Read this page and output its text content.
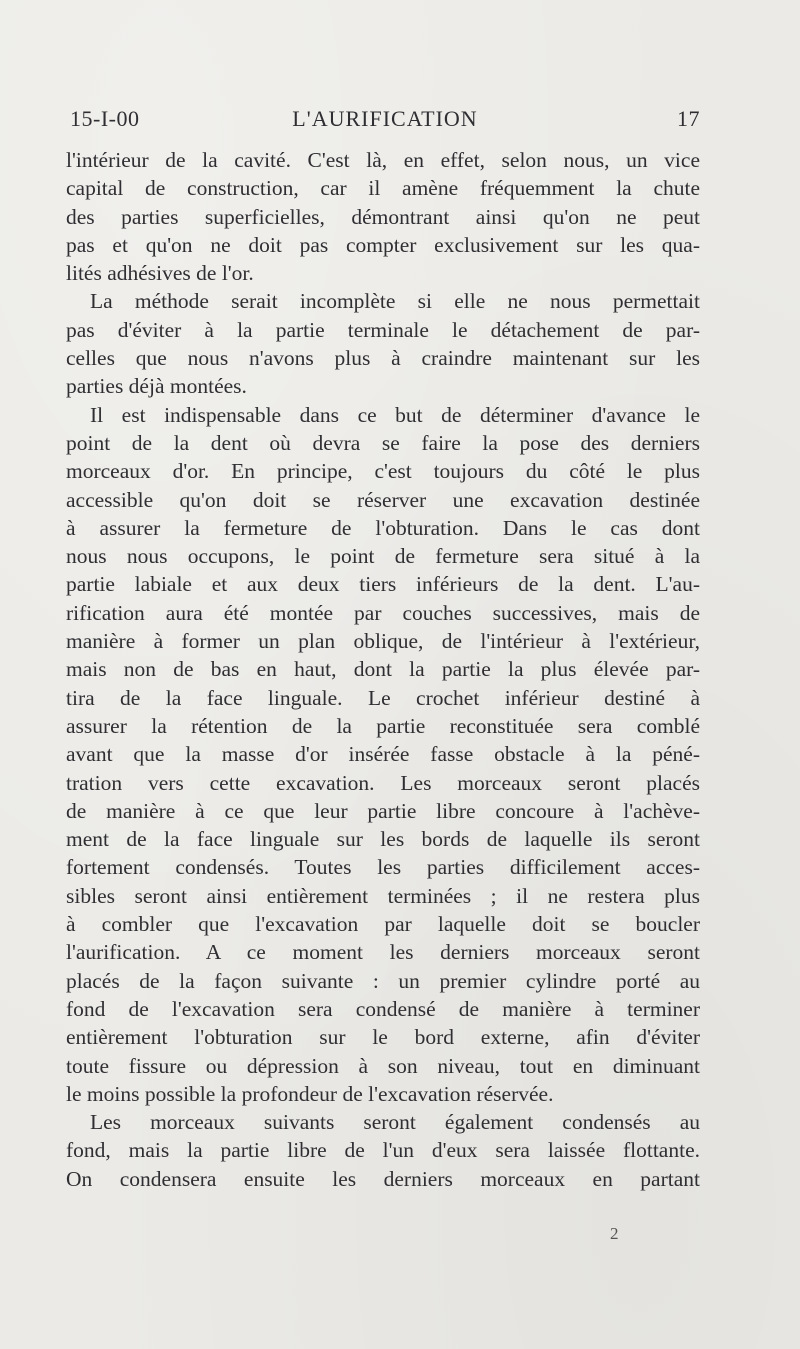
15-I-00	L'AURIFICATION	17
l'intérieur de la cavité. C'est là, en effet, selon nous, un vice
capital de construction, car il amène fréquemment la chute
des parties superficielles, démontrant ainsi qu'on ne peut
pas et qu'on ne doit pas compter exclusivement sur les qua-
lités adhésives de l'or.
La méthode serait incomplète si elle ne nous permettait
pas d'éviter à la partie terminale le détachement de par-
celles que nous n'avons plus à craindre maintenant sur les
parties déjà montées.
Il est indispensable dans ce but de déterminer d'avance le
point de la dent où devra se faire la pose des derniers
morceaux d'or. En principe, c'est toujours du côté le plus
accessible qu'on doit se réserver une excavation destinée
à assurer la fermeture de l'obturation. Dans le cas dont
nous nous occupons, le point de fermeture sera situé à la
partie labiale et aux deux tiers inférieurs de la dent. L'au-
rification aura été montée par couches successives, mais de
manière à former un plan oblique, de l'intérieur à l'extérieur,
mais non de bas en haut, dont la partie la plus élevée par-
tira de la face linguale. Le crochet inférieur destiné à
assurer la rétention de la partie reconstituée sera comblé
avant que la masse d'or insérée fasse obstacle à la péné-
tration vers cette excavation. Les morceaux seront placés
de manière à ce que leur partie libre concoure à l'achève-
ment de la face linguale sur les bords de laquelle ils seront
fortement condensés. Toutes les parties difficilement acces-
sibles seront ainsi entièrement terminées ; il ne restera plus
à combler que l'excavation par laquelle doit se boucler
l'aurification. A ce moment les derniers morceaux seront
placés de la façon suivante : un premier cylindre porté au
fond de l'excavation sera condensé de manière à terminer
entièrement l'obturation sur le bord externe, afin d'éviter
toute fissure ou dépression à son niveau, tout en diminuant
le moins possible la profondeur de l'excavation réservée.
Les morceaux suivants seront également condensés au
fond, mais la partie libre de l'un d'eux sera laissée flottante.
On condensera ensuite les derniers morceaux en partant
2
